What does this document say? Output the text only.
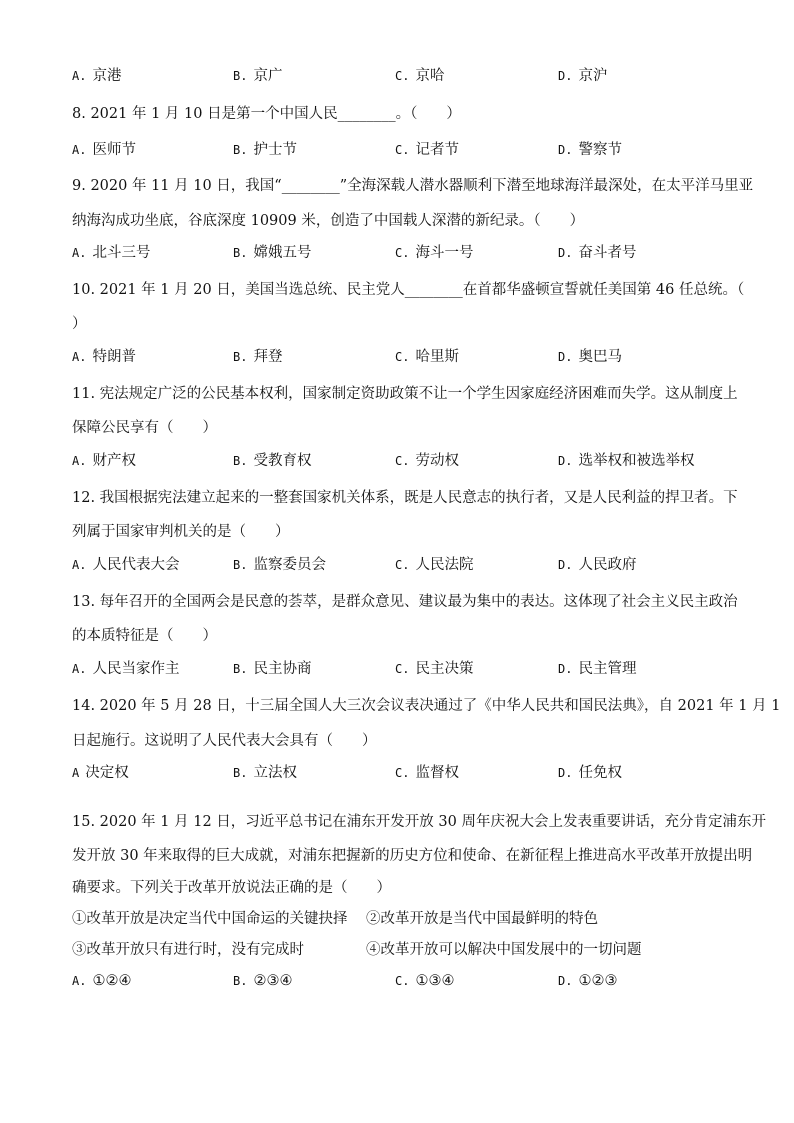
A. 京港	B. 京广	C. 京哈	D. 京沪
8. 2021 年 1 月 10 日是第一个中国人民________。（　　）
A. 医师节	B. 护士节	C. 记者节	D. 警察节
9. 2020 年 11 月 10 日，我国“________”全海深载人潜水器顺利下潜至地球海洋最深处，在太平洋马里亚
纳海沟成功坐底，谷底深度 10909 米，创造了中国载人深潜的新纪录。（　　）
A. 北斗三号	B. 嫦娥五号	C. 海斗一号	D. 奋斗者号
10. 2021 年 1 月 20 日，美国当选总统、民主党人________在首都华盛顿宣誓就任美国第 46 任总统。（
）
A. 特朗普	B. 拜登	C. 哈里斯	D. 奥巴马
11. 宪法规定广泛的公民基本权利，国家制定资助政策不让一个学生因家庭经济困难而失学。这从制度上
保障公民享有（　　）
A. 财产权	B. 受教育权	C. 劳动权	D. 选举权和被选举权
12. 我国根据宪法建立起来的一整套国家机关体系，既是人民意志的执行者，又是人民利益的捍卫者。下
列属于国家审判机关的是（　　）
A. 人民代表大会	B. 监察委员会	C. 人民法院	D. 人民政府
13. 每年召开的全国两会是民意的荟萃，是群众意见、建议最为集中的表达。这体现了社会主义民主政治
的本质特征是（　　）
A. 人民当家作主	B. 民主协商	C. 民主决策	D. 民主管理
14. 2020 年 5 月 28 日，十三届全国人大三次会议表决通过了《中华人民共和国民法典》，自 2021 年 1 月 1
日起施行。这说明了人民代表大会具有（　　）
A 决定权	B. 立法权	C. 监督权	D. 任免权
15. 2020 年 1 月 12 日，习近平总书记在浦东开发开放 30 周年庆祝大会上发表重要讲话，充分肯定浦东开
发开放 30 年来取得的巨大成就，对浦东把握新的历史方位和使命、在新征程上推进高水平改革开放提出明
确要求。下列关于改革开放说法正确的是（　　）
①改革开放是决定当代中国命运的关键抉择 ②改革开放是当代中国最鲜明的特色
③改革开放只有进行时，没有完成时	④改革开放可以解决中国发展中的一切问题
A. ①②④	B. ②③④	C. ①③④	D. ①②③
